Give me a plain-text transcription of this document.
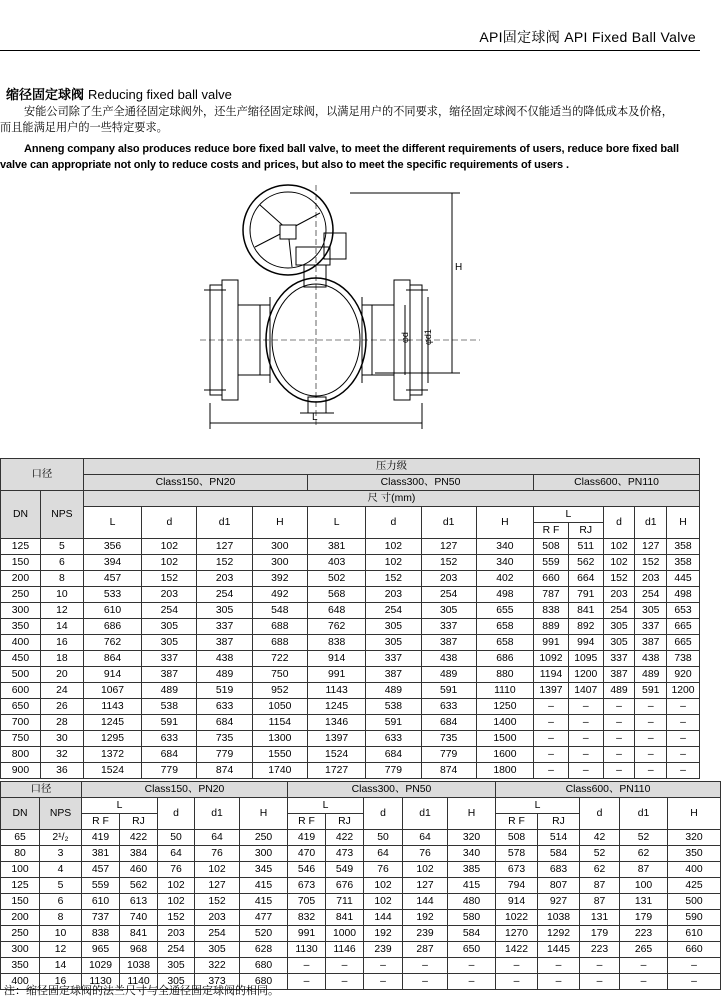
API固定球阀 API Fixed Ball Valve
缩径固定球阀 Reducing fixed ball valve
安能公司除了生产全通径固定球阀外，还生产缩径固定球阀，以满足用户的不同要求，缩径固定球阀不仅能适当的降低成本及价格，
而且能满足用户的一些特定要求。
Anneng company also produces reduce bore fixed ball valve, to meet the different requirements of users, reduce bore fixed ball
valve can appropriate not only to reduce costs and prices, but also to meet the specific requirements of users .
H
φd φd1
L
口径		压力级												
		Class150、PN20				Class300、PN50				Class600、PN110				
DN	NPS	尺 寸(mm)												
		L	d	d1	H	L	d	d1	H	L		d	d1	H
										R F	RJ			
125	5	356	102	127	300	381	102	127	340	508	511	102	127	358
150	6	394	102	152	300	403	102	152	340	559	562	102	152	358
200	8	457	152	203	392	502	152	203	402	660	664	152	203	445
250	10	533	203	254	492	568	203	254	498	787	791	203	254	498
300	12	610	254	305	548	648	254	305	655	838	841	254	305	653
350	14	686	305	337	688	762	305	337	658	889	892	305	337	665
400	16	762	305	387	688	838	305	387	658	991	994	305	387	665
450	18	864	337	438	722	914	337	438	686	1092	1095	337	438	738
500	20	914	387	489	750	991	387	489	880	1194	1200	387	489	920
600	24	1067	489	519	952	1143	489	591	1110	1397	1407	489	591	1200
650	26	1143	538	633	1050	1245	538	633	1250	–	–	–	–	–
700	28	1245	591	684	1154	1346	591	684	1400	–	–	–	–	–
750	30	1295	633	735	1300	1397	633	735	1500	–	–	–	–	–
800	32	1372	684	779	1550	1524	684	779	1600	–	–	–	–	–
900	36	1524	779	874	1740	1727	779	874	1800	–	–	–	–	–
口径		Class150、PN20					Class300、PN50					Class600、PN110				
DN	NPS	L		d	d1	H	L		d	d1	H	L		d	d1	H
		R F	RJ				R F	RJ				R F	RJ			
65	2¹/₂	419	422	50	64	250	419	422	50	64	320	508	514	42	52	320
80	3	381	384	64	76	300	470	473	64	76	340	578	584	52	62	350
100	4	457	460	76	102	345	546	549	76	102	385	673	683	62	87	400
125	5	559	562	102	127	415	673	676	102	127	415	794	807	87	100	425
150	6	610	613	102	152	415	705	711	102	144	480	914	927	87	131	500
200	8	737	740	152	203	477	832	841	144	192	580	1022	1038	131	179	590
250	10	838	841	203	254	520	991	1000	192	239	584	1270	1292	179	223	610
300	12	965	968	254	305	628	1130	1146	239	287	650	1422	1445	223	265	660
350	14	1029	1038	305	322	680	–	–	–	–	–	–	–	–	–	–
400	16	1130	1140	305	373	680	–	–	–	–	–	–	–	–	–	–
注：缩径固定球阀的法兰尺寸与全通径固定球阀的相同。
